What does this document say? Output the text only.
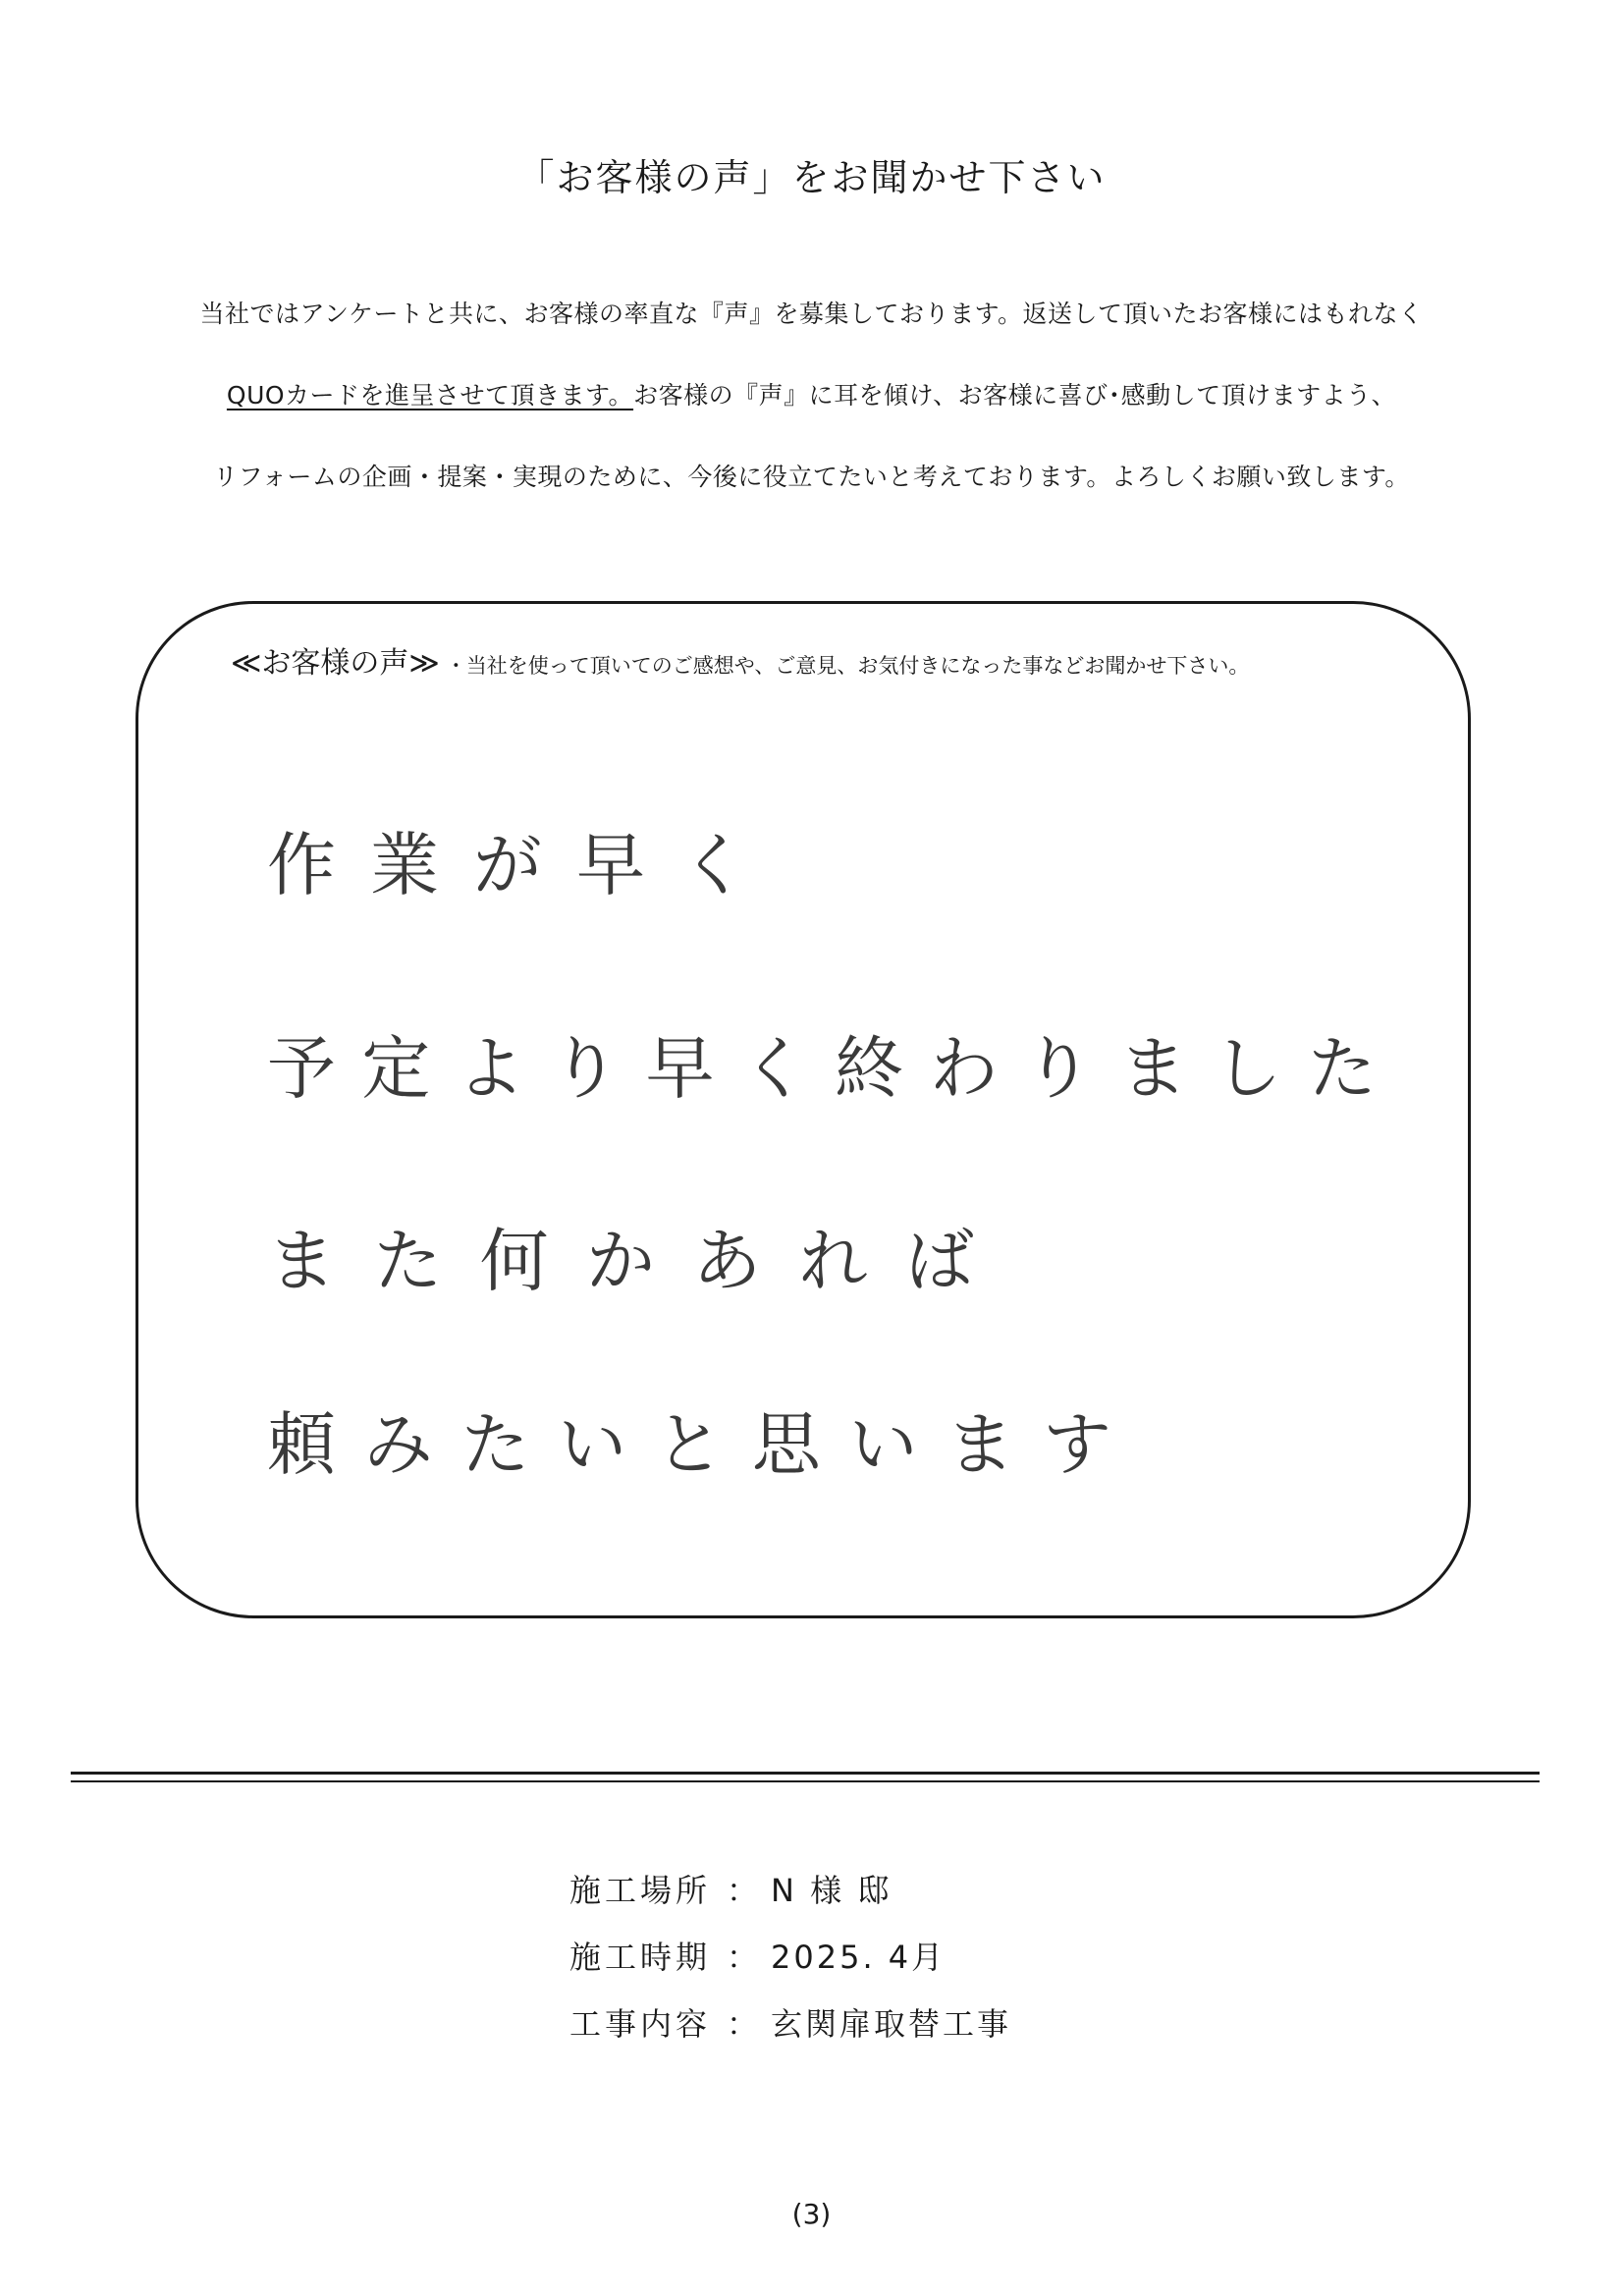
「お客様の声」をお聞かせ下さい
当社ではアンケートと共に、お客様の率直な『声』を募集しております。返送して頂いたお客様にはもれなく
QUOカードを進呈させて頂きます。お客様の『声』に耳を傾け、お客様に喜び･感動して頂けますよう、
リフォームの企画・提案・実現のために、今後に役立てたいと考えております。よろしくお願い致します。
≪お客様の声≫ ・当社を使って頂いてのご感想や、ご意見、お気付きになった事などお聞かせ下さい。
作業が早く
予定より早く終わりました
また何かあれば
頼みたいと思います
施工場所 ： N 様 邸
施工時期 ： 2025. 4月
工事内容 ： 玄関扉取替工事
(3)
